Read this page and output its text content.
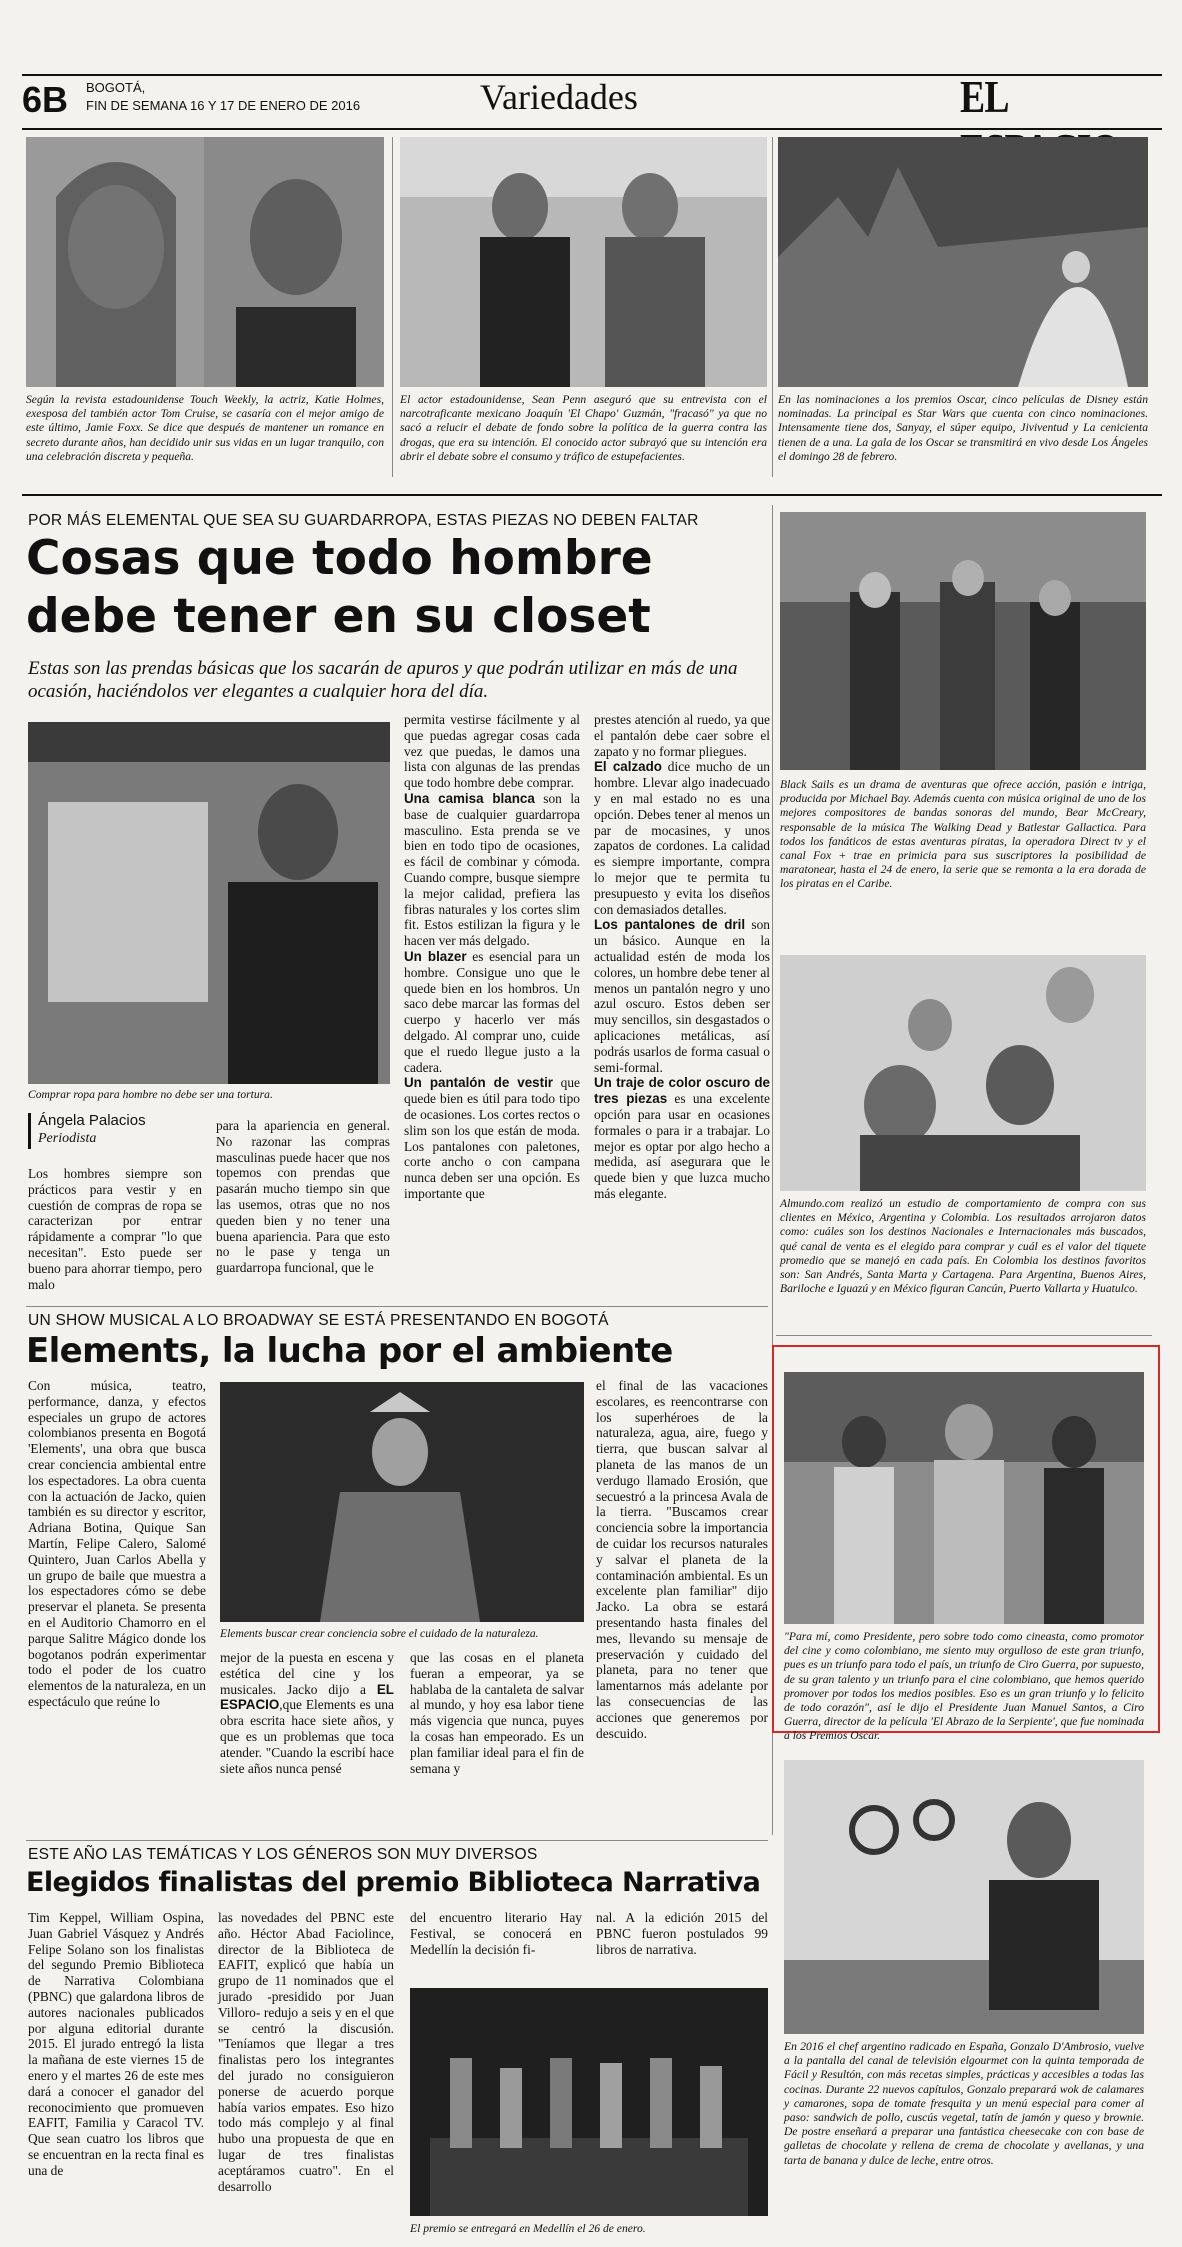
6B BOGOTÁ,
FIN DE SEMANA 16 Y 17 DE ENERO DE 2016	Variedades	EL
Según la revista estadounidense Touch Weekly, la actriz, Katie Holmes, exesposa del también actor Tom Cruise, se casaría con el mejor amigo de este último, Jamie Foxx. Se dice que después de mantener un romance en secreto durante años, han decidido unir sus vidas en un lugar tranquilo, con una celebración discreta y pequeña.
El actor estadounidense, Sean Penn aseguró que su entrevista con el narcotraficante mexicano Joaquín 'El Chapo' Guzmán, "fracasó" ya que no sacó a relucir el debate de fondo sobre la política de la guerra contra las drogas, que era su intención. El conocido actor subrayó que su intención era abrir el debate sobre el consumo y tráfico de estupefacientes.
En las nominaciones a los premios Oscar, cinco películas de Disney están nominadas. La principal es Star Wars que cuenta con cinco nominaciones. Intensamente tiene dos, Sanyay, el súper equipo, Jiviventud y La cenicienta tienen de a una. La gala de los Oscar se transmitirá en vivo desde Los Ángeles el domingo 28 de febrero.
POR MÁS ELEMENTAL QUE SEA SU GUARDARROPA, ESTAS PIEZAS NO DEBEN FALTAR
Cosas que todo hombre
debe tener en su closet
Estas son las prendas básicas que los sacarán de apuros y que podrán utilizar en más de una ocasión, haciéndolos ver elegantes a cualquier hora del día.
Comprar ropa para hombre no debe ser una tortura.
Ángela Palacios
Periodista
Los hombres siempre son prácticos para vestir y en cuestión de compras de ropa se caracterizan por entrar rápidamente a comprar "lo que necesitan". Esto puede ser bueno para ahorrar tiempo, pero malo
para la apariencia en general. No razonar las compras masculinas puede hacer que nos topemos con prendas que pasarán mucho tiempo sin que las usemos, otras que no nos queden bien y no tener una buena apariencia. Para que esto no le pase y tenga un guardarropa funcional, que le
permita vestirse fácilmente y al que puedas agregar cosas cada vez que puedas, le damos una lista con algunas de las prendas que todo hombre debe comprar.
Una camisa blanca son la base de cualquier guardarropa masculino. Esta prenda se ve bien en todo tipo de ocasiones, es fácil de combinar y cómoda. Cuando compre, busque siempre la mejor calidad, prefiera las fibras naturales y los cortes slim fit. Estos estilizan la figura y le hacen ver más delgado.
Un blazer es esencial para un hombre. Consigue uno que le quede bien en los hombros. Un saco debe marcar las formas del cuerpo y hacerlo ver más delgado. Al comprar uno, cuide que el ruedo llegue justo a la cadera.
Un pantalón de vestir que quede bien es útil para todo tipo de ocasiones. Los cortes rectos o slim son los que están de moda. Los pantalones con paletones, corte ancho o con campana nunca deben ser una opción. Es importante que
prestes atención al ruedo, ya que el pantalón debe caer sobre el zapato y no formar pliegues.
El calzado dice mucho de un hombre. Llevar algo inadecuado y en mal estado no es una opción. Debes tener al menos un par de mocasines, y unos zapatos de cordones. La calidad es siempre importante, compra lo mejor que te permita tu presupuesto y evita los diseños con demasiados detalles.
Los pantalones de dril son un básico. Aunque en la actualidad estén de moda los colores, un hombre debe tener al menos un pantalón negro y uno azul oscuro. Estos deben ser muy sencillos, sin desgastados o aplicaciones metálicas, así podrás usarlos de forma casual o semi-formal.
Un traje de color oscuro de tres piezas es una excelente opción para usar en ocasiones formales o para ir a trabajar. Lo mejor es optar por algo hecho a medida, así asegurara que le quede bien y que luzca mucho más elegante.
Black Sails es un drama de aventuras que ofrece acción, pasión e intriga, producida por Michael Bay. Además cuenta con música original de uno de los mejores compositores de bandas sonoras del mundo, Bear McCreary, responsable de la música The Walking Dead y Batlestar Gallactica. Para todos los fanáticos de estas aventuras piratas, la operadora Direct tv y el canal Fox + trae en primicia para sus suscriptores la posibilidad de maratonear, hasta el 24 de enero, la serie que se remonta a la era dorada de los piratas en el Caribe.
Almundo.com realizó un estudio de comportamiento de compra con sus clientes en México, Argentina y Colombia. Los resultados arrojaron datos como: cuáles son los destinos Nacionales e Internacionales más buscados, qué canal de venta es el elegido para comprar y cuál es el valor del tiquete promedio que se manejó en cada país. En Colombia los destinos favoritos son: San Andrés, Santa Marta y Cartagena. Para Argentina, Buenos Aires, Bariloche e Iguazú y en México figuran Cancún, Puerto Vallarta y Huatulco.
"Para mí, como Presidente, pero sobre todo como cineasta, como promotor del cine y como colombiano, me siento muy orgulloso de este gran triunfo, pues es un triunfo para todo el país, un triunfo de Ciro Guerra, por supuesto, de su gran talento y un triunfo para el cine colombiano, que hemos querido promover por todos los medios posibles. Eso es un gran triunfo y lo felicito de todo corazón", así le dijo el Presidente Juan Manuel Santos, a Ciro Guerra, director de la película 'El Abrazo de la Serpiente', que fue nominada a los Premios Oscar.
En 2016 el chef argentino radicado en España, Gonzalo D'Ambrosio, vuelve a la pantalla del canal de televisión elgourmet con la quinta temporada de Fácil y Resultón, con más recetas simples, prácticas y accesibles a todas las cocinas. Durante 22 nuevos capítulos, Gonzalo preparará wok de calamares y camarones, sopa de tomate fresquita y un menú especial para comer al paso: sandwich de pollo, cuscús vegetal, tatín de jamón y queso y brownie. De postre enseñará a preparar una fantástica cheesecake con con base de galletas de chocolate y rellena de crema de chocolate y avellanas, y una tarta de banana y dulce de leche, entre otros.
UN SHOW MUSICAL A LO BROADWAY SE ESTÁ PRESENTANDO EN BOGOTÁ
Elements, la lucha por el ambiente
Con música, teatro, performance, danza, y efectos especiales un grupo de actores colombianos presenta en Bogotá 'Elements', una obra que busca crear conciencia ambiental entre los espectadores. La obra cuenta con la actuación de Jacko, quien también es su director y escritor, Adriana Botina, Quique San Martín, Felipe Calero, Salomé Quintero, Juan Carlos Abella y un grupo de baile que muestra a los espectadores cómo se debe preservar el planeta. Se presenta en el Auditorio Chamorro en el parque Salitre Mágico donde los bogotanos podrán experimentar todo el poder de los cuatro elementos de la naturaleza, en un espectáculo que reúne lo
Elements buscar crear conciencia sobre el cuidado de la naturaleza.
mejor de la puesta en escena y estética del cine y los musicales. Jacko dijo a EL ESPACIO,que Elements es una obra escrita hace siete años, y que es un problemas que toca atender. "Cuando la escribí hace siete años nunca pensé
que las cosas en el planeta fueran a empeorar, ya se hablaba de la cantaleta de salvar al mundo, y hoy esa labor tiene más vigencia que nunca, puyes la cosas han empeorado. Es un plan familiar ideal para el fin de semana y
el final de las vacaciones escolares, es reencontrarse con los superhéroes de la naturaleza, agua, aire, fuego y tierra, que buscan salvar al planeta de las manos de un verdugo llamado Erosión, que secuestró a la princesa Avala de la tierra. "Buscamos crear conciencia sobre la importancia de cuidar los recursos naturales y salvar el planeta de la contaminación ambiental. Es un excelente plan familiar" dijo Jacko. La obra se estará presentando hasta finales del mes, llevando su mensaje de preservación y cuidado del planeta, para no tener que lamentarnos más adelante por las consecuencias de las acciones que generemos por descuido.
ESTE AÑO LAS TEMÁTICAS Y LOS GÉNEROS SON MUY DIVERSOS
Elegidos finalistas del premio Biblioteca Narrativa
Tim Keppel, William Ospina, Juan Gabriel Vásquez y Andrés Felipe Solano son los finalistas del segundo Premio Biblioteca de Narrativa Colombiana (PBNC) que galardona libros de autores nacionales publicados por alguna editorial durante 2015. El jurado entregó la lista la mañana de este viernes 15 de enero y el martes 26 de este mes dará a conocer el ganador del reconocimiento que promueven EAFIT, Familia y Caracol TV. Que sean cuatro los libros que se encuentran en la recta final es una de
las novedades del PBNC este año. Héctor Abad Faciolince, director de la Biblioteca de EAFIT, explicó que había un grupo de 11 nominados que el jurado -presidido por Juan Villoro- redujo a seis y en el que se centró la discusión. "Teníamos que llegar a tres finalistas pero los integrantes del jurado no consiguieron ponerse de acuerdo porque había varios empates. Eso hizo todo más complejo y al final hubo una propuesta de que en lugar de tres finalistas aceptáramos cuatro". En el desarrollo
del encuentro literario Hay Festival, se conocerá en Medellín la decisión fi-
nal. A la edición 2015 del PBNC fueron postulados 99 libros de narrativa.
El premio se entregará en Medellín el 26 de enero.
